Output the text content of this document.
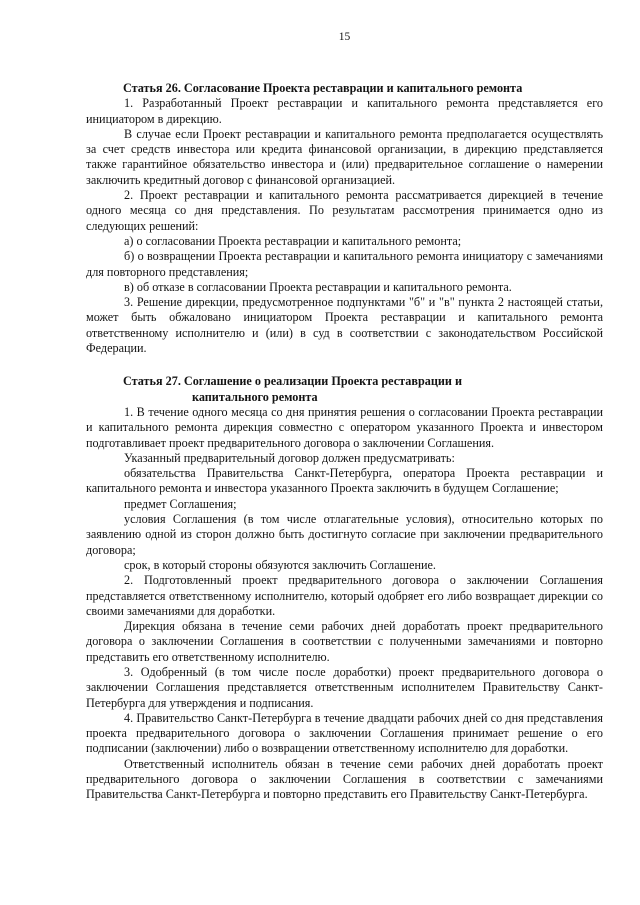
15
Статья 26. Согласование Проекта реставрации и капитального ремонта

1. Разработанный Проект реставрации и капитального ремонта представляется его инициатором в дирекцию.

В случае если Проект реставрации и капитального ремонта предполагается осуществлять за счет средств инвестора или кредита финансовой организации, в дирекцию представляется также гарантийное обязательство инвестора и (или) предварительное соглашение о намерении заключить кредитный договор с финансовой организацией.

2. Проект реставрации и капитального ремонта рассматривается дирекцией в течение одного месяца со дня представления. По результатам рассмотрения принимается одно из следующих решений:

а) о согласовании Проекта реставрации и капитального ремонта;

б) о возвращении Проекта реставрации и капитального ремонта инициатору с замечаниями для повторного представления;

в) об отказе в согласовании Проекта реставрации и капитального ремонта.

3. Решение дирекции, предусмотренное подпунктами "б" и "в" пункта 2 настоящей статьи, может быть обжаловано инициатором Проекта реставрации и капитального ремонта ответственному исполнителю и (или) в суд в соответствии с законодательством Российской Федерации.

Статья 27. Соглашение о реализации Проекта реставрации и
капитального ремонта

1. В течение одного месяца со дня принятия решения о согласовании Проекта реставрации и капитального ремонта дирекция совместно с оператором указанного Проекта и инвестором подготавливает проект предварительного договора о заключении Соглашения.

Указанный предварительный договор должен предусматривать:

обязательства Правительства Санкт-Петербурга, оператора Проекта реставрации и капитального ремонта и инвестора указанного Проекта заключить в будущем Соглашение;

предмет Соглашения;

условия Соглашения (в том числе отлагательные условия), относительно которых по заявлению одной из сторон должно быть достигнуто согласие при заключении предварительного договора;

срок, в который стороны обязуются заключить Соглашение.

2. Подготовленный проект предварительного договора о заключении Соглашения представляется ответственному исполнителю, который одобряет его либо возвращает дирекции со своими замечаниями для доработки.

Дирекция обязана в течение семи рабочих дней доработать проект предварительного договора о заключении Соглашения в соответствии с полученными замечаниями и повторно представить его ответственному исполнителю.

3. Одобренный (в том числе после доработки) проект предварительного договора о заключении Соглашения представляется ответственным исполнителем Правительству Санкт-Петербурга для утверждения и подписания.

4. Правительство Санкт-Петербурга в течение двадцати рабочих дней со дня представления проекта предварительного договора о заключении Соглашения принимает решение о его подписании (заключении) либо о возвращении ответственному исполнителю для доработки.

Ответственный исполнитель обязан в течение семи рабочих дней доработать проект предварительного договора о заключении Соглашения в соответствии с замечаниями Правительства Санкт-Петербурга и повторно представить его Правительству Санкт-Петербурга.
